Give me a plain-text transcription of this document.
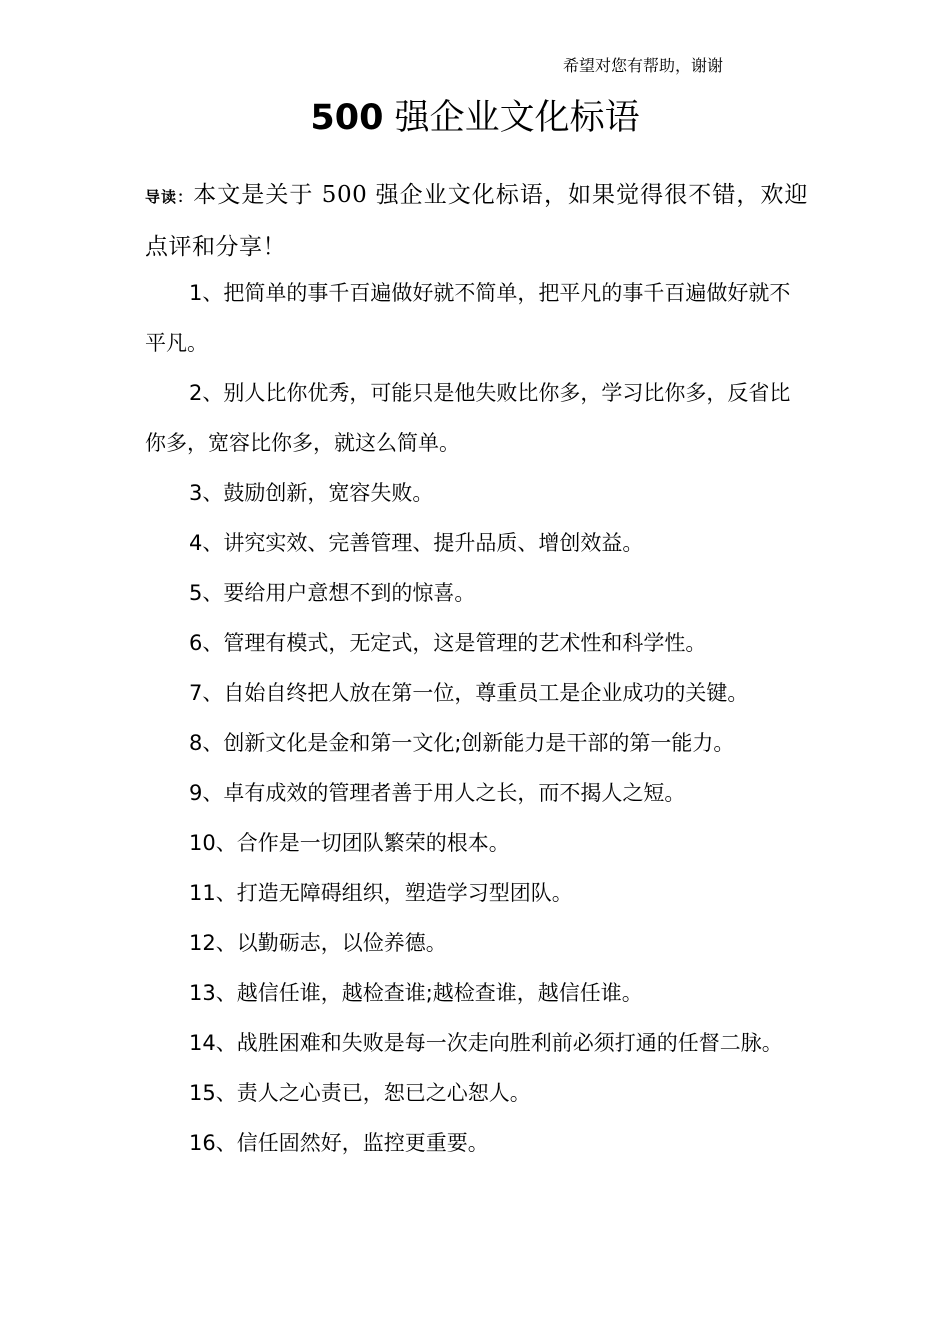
希望对您有帮助，谢谢
500 强企业文化标语
导读：本文是关于 500 强企业文化标语，如果觉得很不错，欢迎点评和分享！
1、把简单的事千百遍做好就不简单，把平凡的事千百遍做好就不平凡。
2、别人比你优秀，可能只是他失败比你多，学习比你多，反省比你多，宽容比你多，就这么简单。
3、鼓励创新，宽容失败。
4、讲究实效、完善管理、提升品质、增创效益。
5、要给用户意想不到的惊喜。
6、管理有模式，无定式，这是管理的艺术性和科学性。
7、自始自终把人放在第一位，尊重员工是企业成功的关键。
8、创新文化是金和第一文化;创新能力是干部的第一能力。
9、卓有成效的管理者善于用人之长，而不揭人之短。
10、合作是一切团队繁荣的根本。
11、打造无障碍组织，塑造学习型团队。
12、以勤砺志，以俭养德。
13、越信任谁，越检查谁;越检查谁，越信任谁。
14、战胜困难和失败是每一次走向胜利前必须打通的任督二脉。
15、责人之心责已，恕已之心恕人。
16、信任固然好，监控更重要。
